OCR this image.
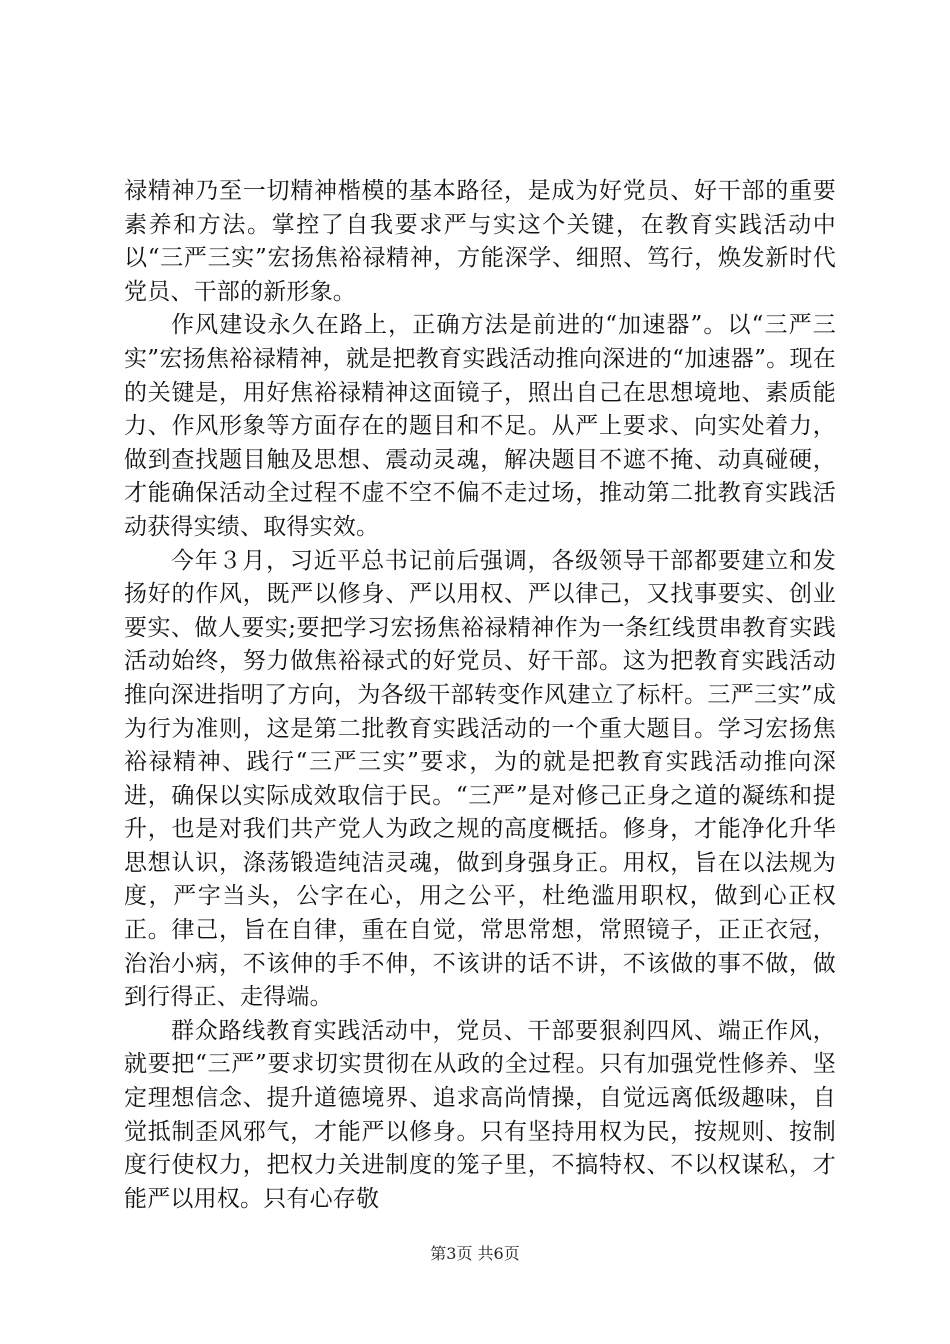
禄精神乃至一切精神楷模的基本路径，是成为好党员、好干部的重要素养和方法。掌控了自我要求严与实这个关键，在教育实践活动中以“三严三实”宏扬焦裕禄精神，方能深学、细照、笃行，焕发新时代党员、干部的新形象。

作风建设永久在路上，正确方法是前进的“加速器”。以“三严三实”宏扬焦裕禄精神，就是把教育实践活动推向深进的“加速器”。现在的关键是，用好焦裕禄精神这面镜子，照出自己在思想境地、素质能力、作风形象等方面存在的题目和不足。从严上要求、向实处着力，做到查找题目触及思想、震动灵魂，解决题目不遮不掩、动真碰硬，才能确保活动全过程不虚不空不偏不走过场，推动第二批教育实践活动获得实绩、取得实效。

今年３月，习近平总书记前后强调，各级领导干部都要建立和发扬好的作风，既严以修身、严以用权、严以律己，又找事要实、创业要实、做人要实;要把学习宏扬焦裕禄精神作为一条红线贯串教育实践活动始终，努力做焦裕禄式的好党员、好干部。这为把教育实践活动推向深进指明了方向，为各级干部转变作风建立了标杆。三严三实”成为行为准则，这是第二批教育实践活动的一个重大题目。学习宏扬焦裕禄精神、践行“三严三实”要求，为的就是把教育实践活动推向深进，确保以实际成效取信于民。“三严”是对修己正身之道的凝练和提升，也是对我们共产党人为政之规的高度概括。修身，才能净化升华思想认识，涤荡锻造纯洁灵魂，做到身强身正。用权，旨在以法规为度，严字当头，公字在心，用之公平，杜绝滥用职权，做到心正权正。律己，旨在自律，重在自觉，常思常想，常照镜子，正正衣冠，治治小病，不该伸的手不伸，不该讲的话不讲，不该做的事不做，做到行得正、走得端。

群众路线教育实践活动中，党员、干部要狠刹四风、端正作风，就要把“三严”要求切实贯彻在从政的全过程。只有加强党性修养、坚定理想信念、提升道德境界、追求高尚情操，自觉远离低级趣味，自觉抵制歪风邪气，才能严以修身。只有坚持用权为民，按规则、按制度行使权力，把权力关进制度的笼子里，不搞特权、不以权谋私，才能严以用权。只有心存敬

第3页 共6页
